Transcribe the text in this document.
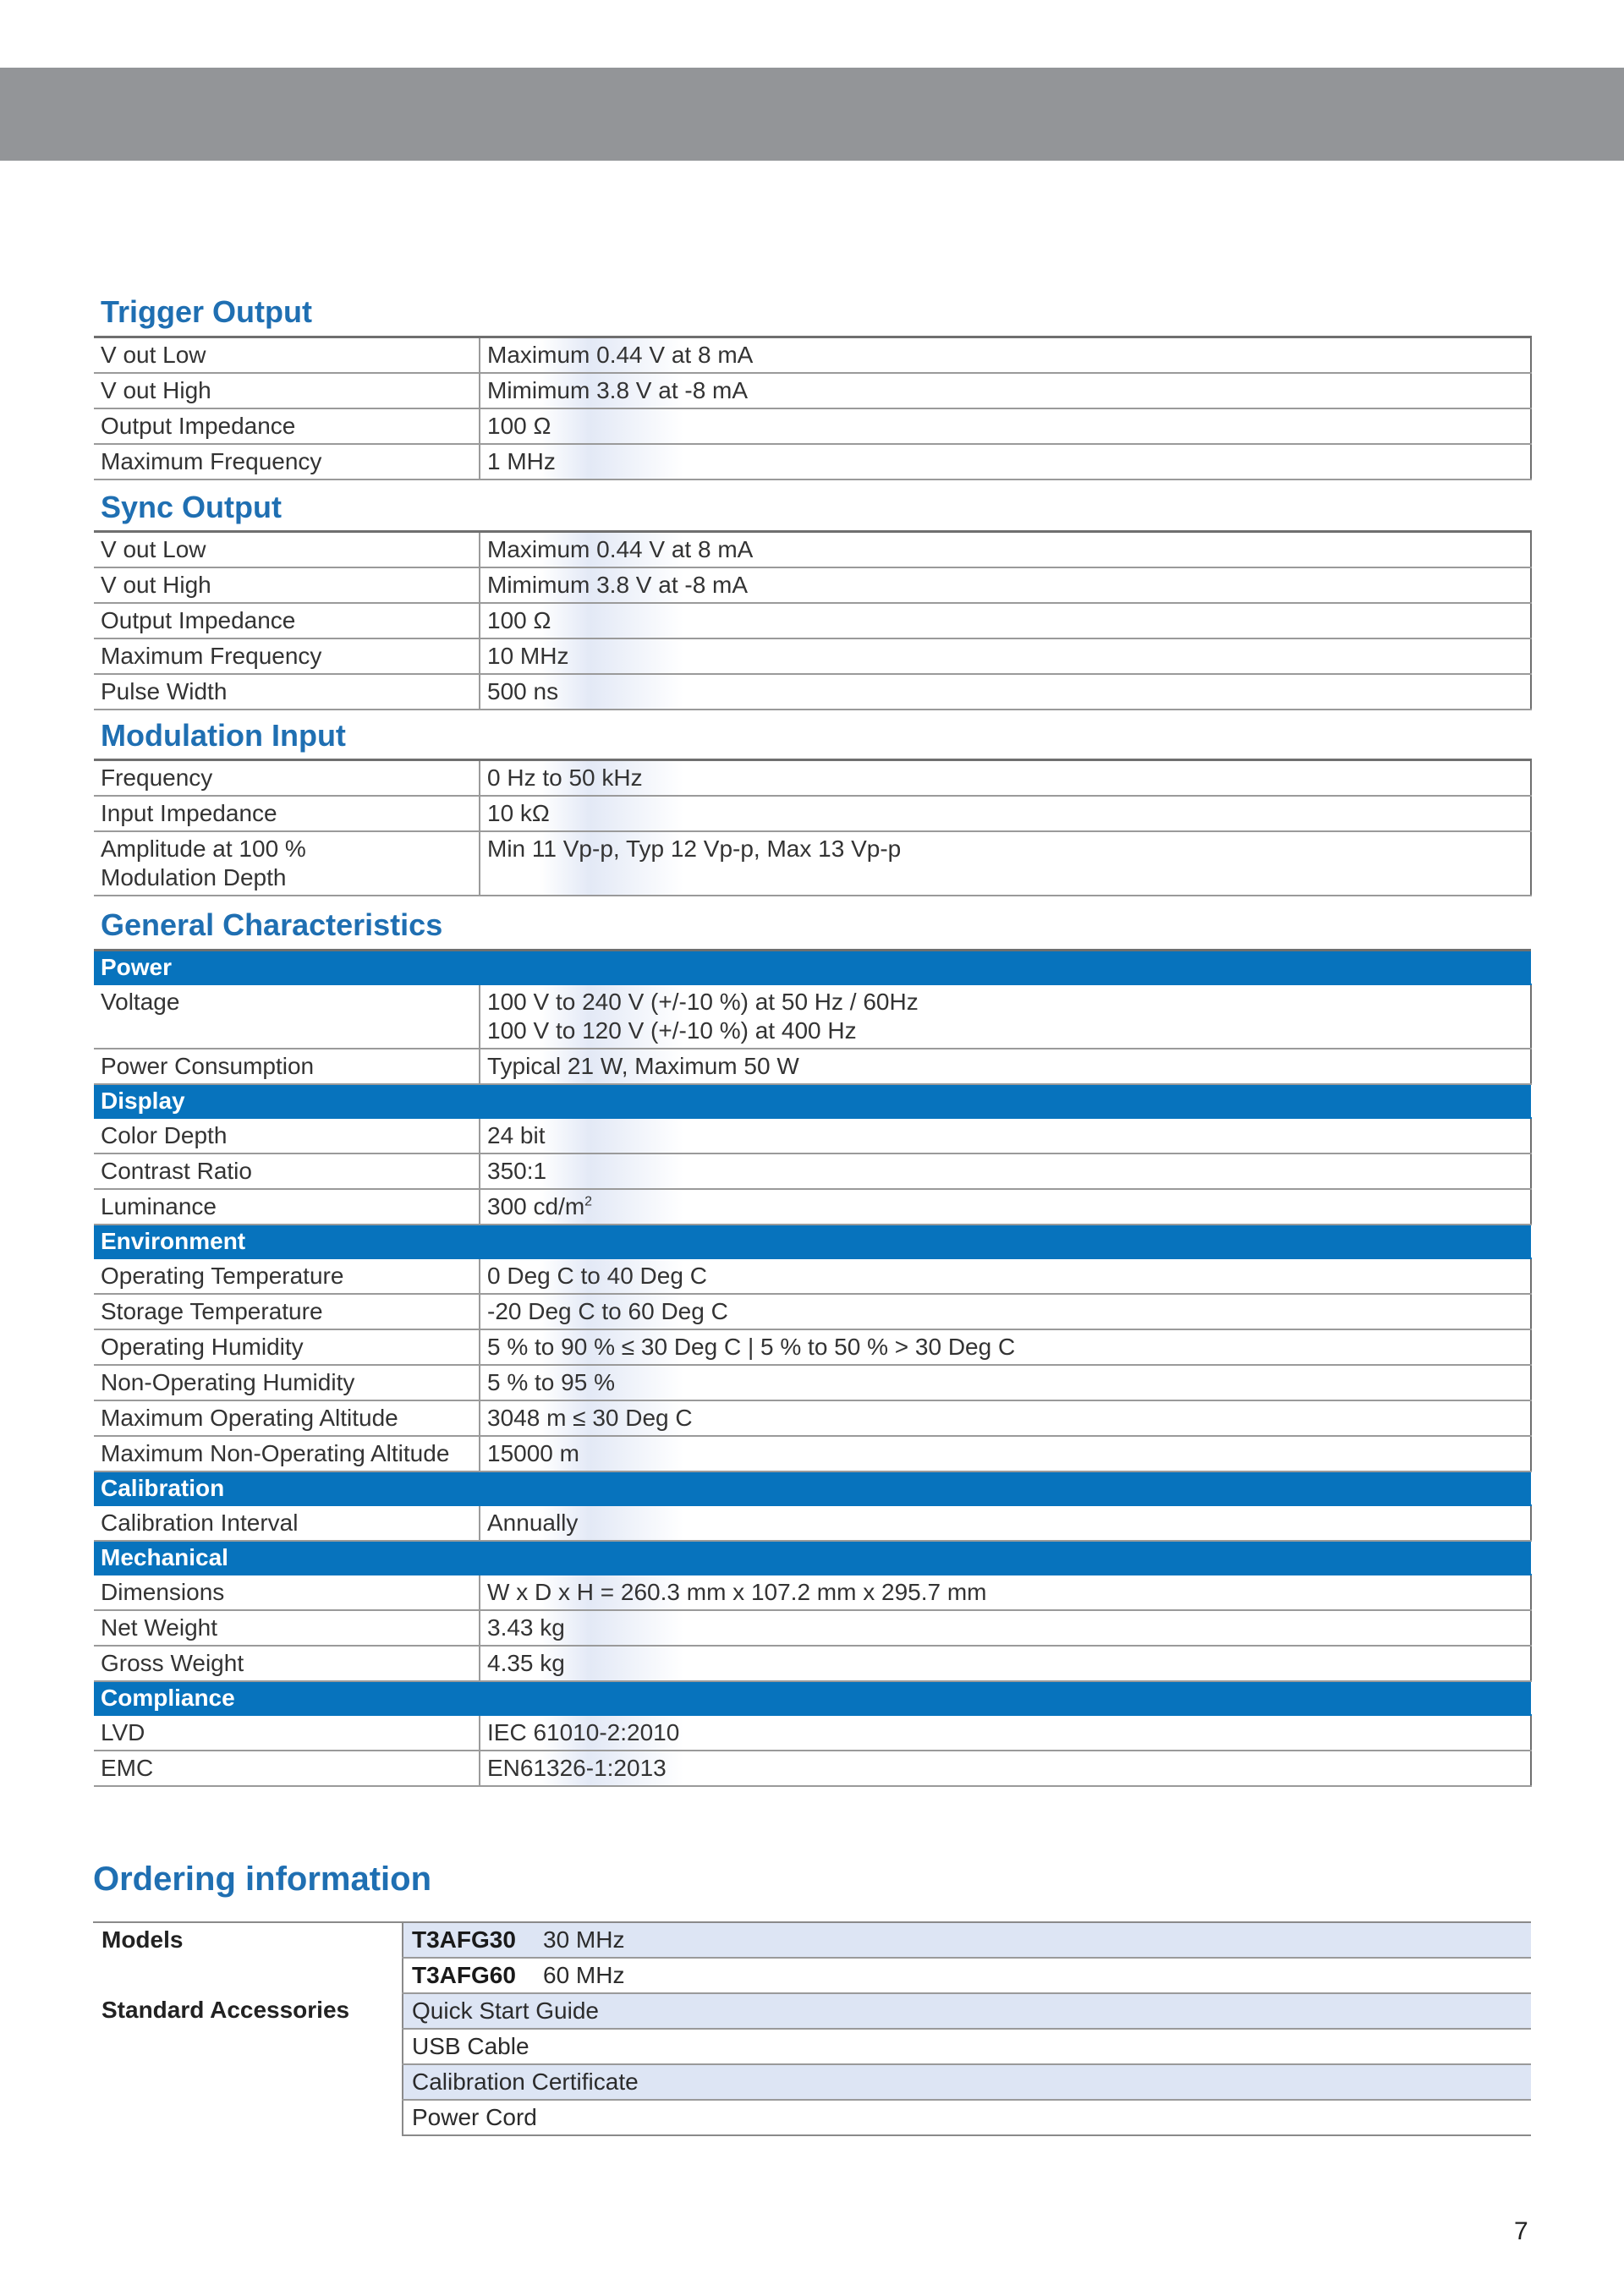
Trigger Output
V out Low	Maximum 0.44 V at 8 mA
V out High	Mimimum 3.8 V at -8 mA
Output Impedance	100 Ω
Maximum Frequency	1 MHz
Sync Output
V out Low	Maximum 0.44 V at 8 mA
V out High	Mimimum 3.8 V at -8 mA
Output Impedance	100 Ω
Maximum Frequency	10 MHz
Pulse Width	500 ns
Modulation Input
Frequency	0 Hz to 50 kHz
Input Impedance	10 kΩ

Amplitude at 100 %
Modulation Depth	Min 11 Vp-p, Typ 12 Vp-p, Max 13 Vp-p
General Characteristics
Power	
Voltage	100 V to 240 V (+/-10 %) at 50 Hz / 60Hz
100 V to 120 V (+/-10 %) at 400 Hz

Power Consumption	Typical 21 W, Maximum 50 W
Display	
Color Depth	24 bit
Contrast Ratio	350:1
Luminance	300 $cd/m^2$
Environment	
Operating Temperature	0 Deg C to 40 Deg C
Storage Temperature	-20 Deg C to 60 Deg C
Operating Humidity	5 % to 90 % ≤ 30 Deg C | 5 % to 50 % > 30 Deg C
Non-Operating Humidity	5 % to 95 %
Maximum Operating Altitude	3048 m ≤ 30 Deg C
Maximum Non-Operating Altitude	15000 m
Calibration	
Calibration Interval	Annually
Mechanical	
Dimensions	W x D x H = 260.3 mm x 107.2 mm x 295.7 mm
Net Weight	3.43 kg
Gross Weight	4.35 kg
Compliance	
LVD	IEC 61010-2:2010
EMC	EN61326-1:2013
Ordering information
Models	T3AFG30 30 MHz
	T3AFG60 60 MHz
Standard Accessories	Quick Start Guide
	USB Cable
	Calibration Certificate
	Power Cord
7
